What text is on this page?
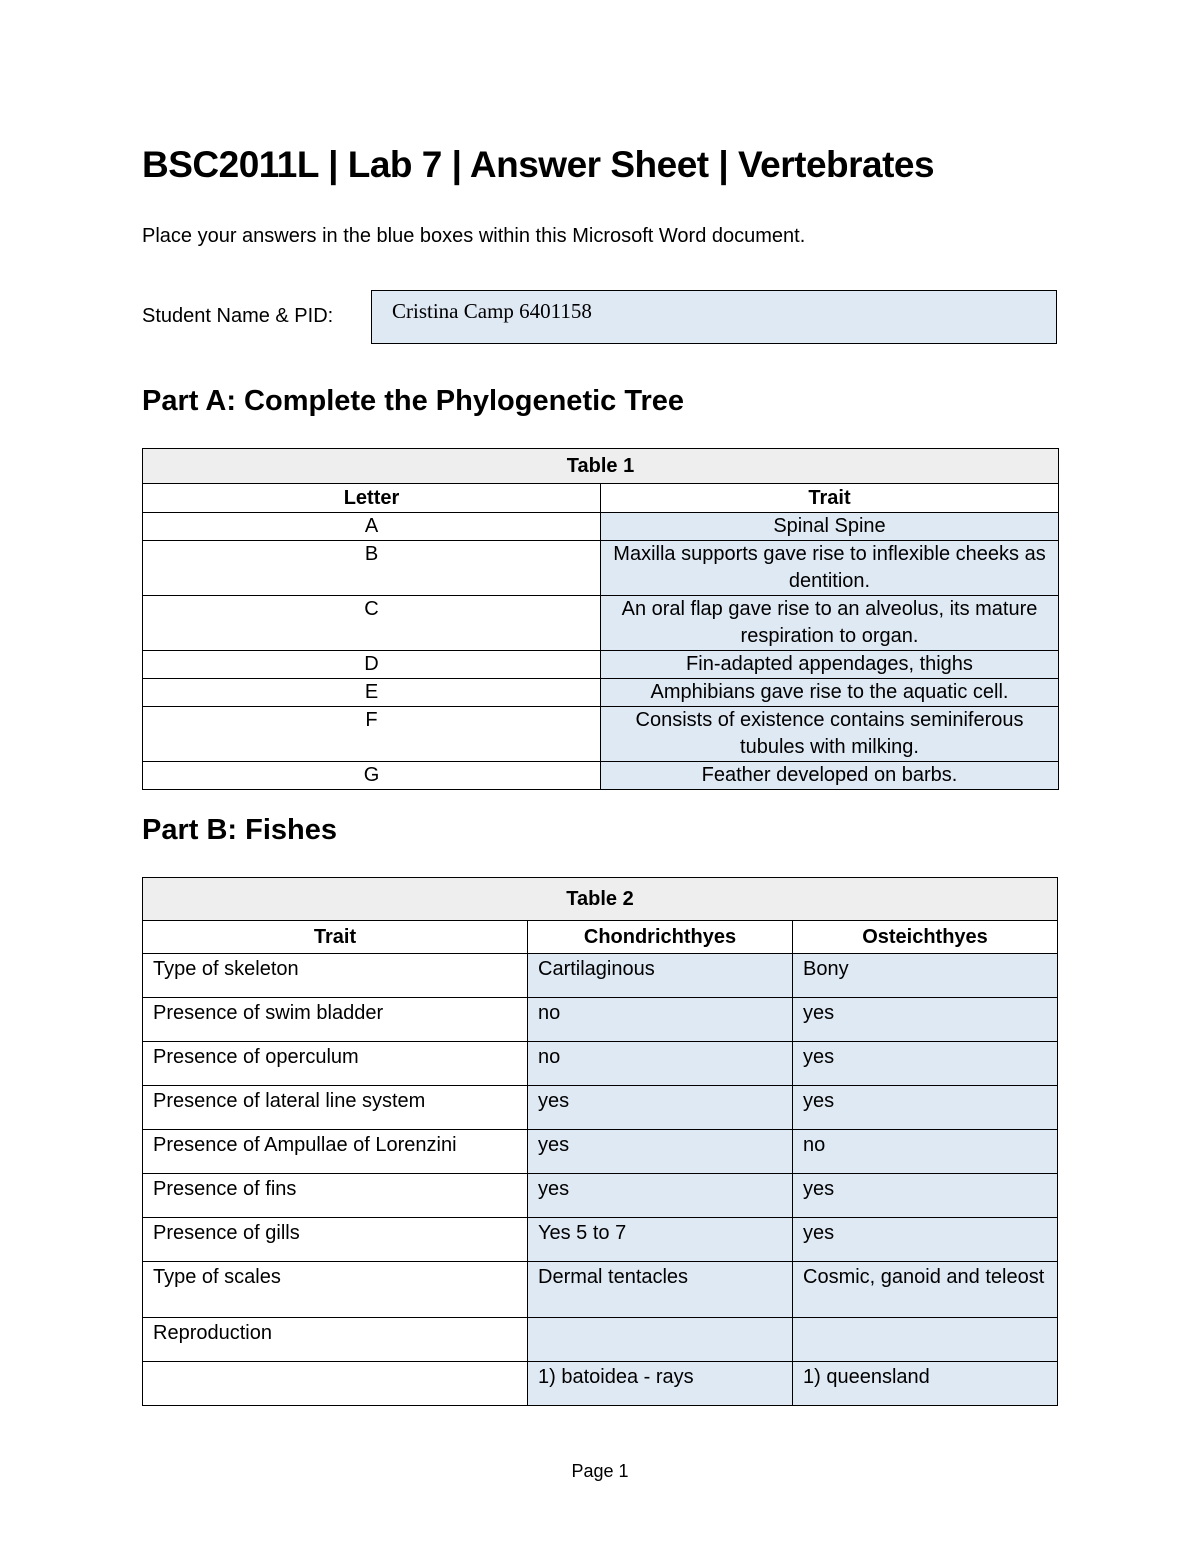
BSC2011L | Lab 7 | Answer Sheet | Vertebrates
Place your answers in the blue boxes within this Microsoft Word document.
Student Name & PID:	Cristina Camp 6401158
Part A: Complete the Phylogenetic Tree
Table 1	
Letter	Trait
A	Spinal Spine
B	Maxilla supports gave rise to inflexible cheeks as dentition.
C	An oral flap gave rise to an alveolus, its mature respiration to organ.
D	Fin-adapted appendages, thighs
E	Amphibians gave rise to the aquatic cell.
F	Consists of existence contains seminiferous tubules with milking.
G	Feather developed on barbs.
Part B: Fishes
Table 2		
Trait	Chondrichthyes	Osteichthyes
Type of skeleton	Cartilaginous	Bony
Presence of swim bladder	no	yes
Presence of operculum	no	yes
Presence of lateral line system	yes	yes
Presence of Ampullae of Lorenzini	yes	no
Presence of fins	yes	yes
Presence of gills	Yes 5 to 7	yes
Type of scales	Dermal tentacles	Cosmic, ganoid and teleost
Reproduction		
	1) batoidea - rays	1) queensland
Page 1
